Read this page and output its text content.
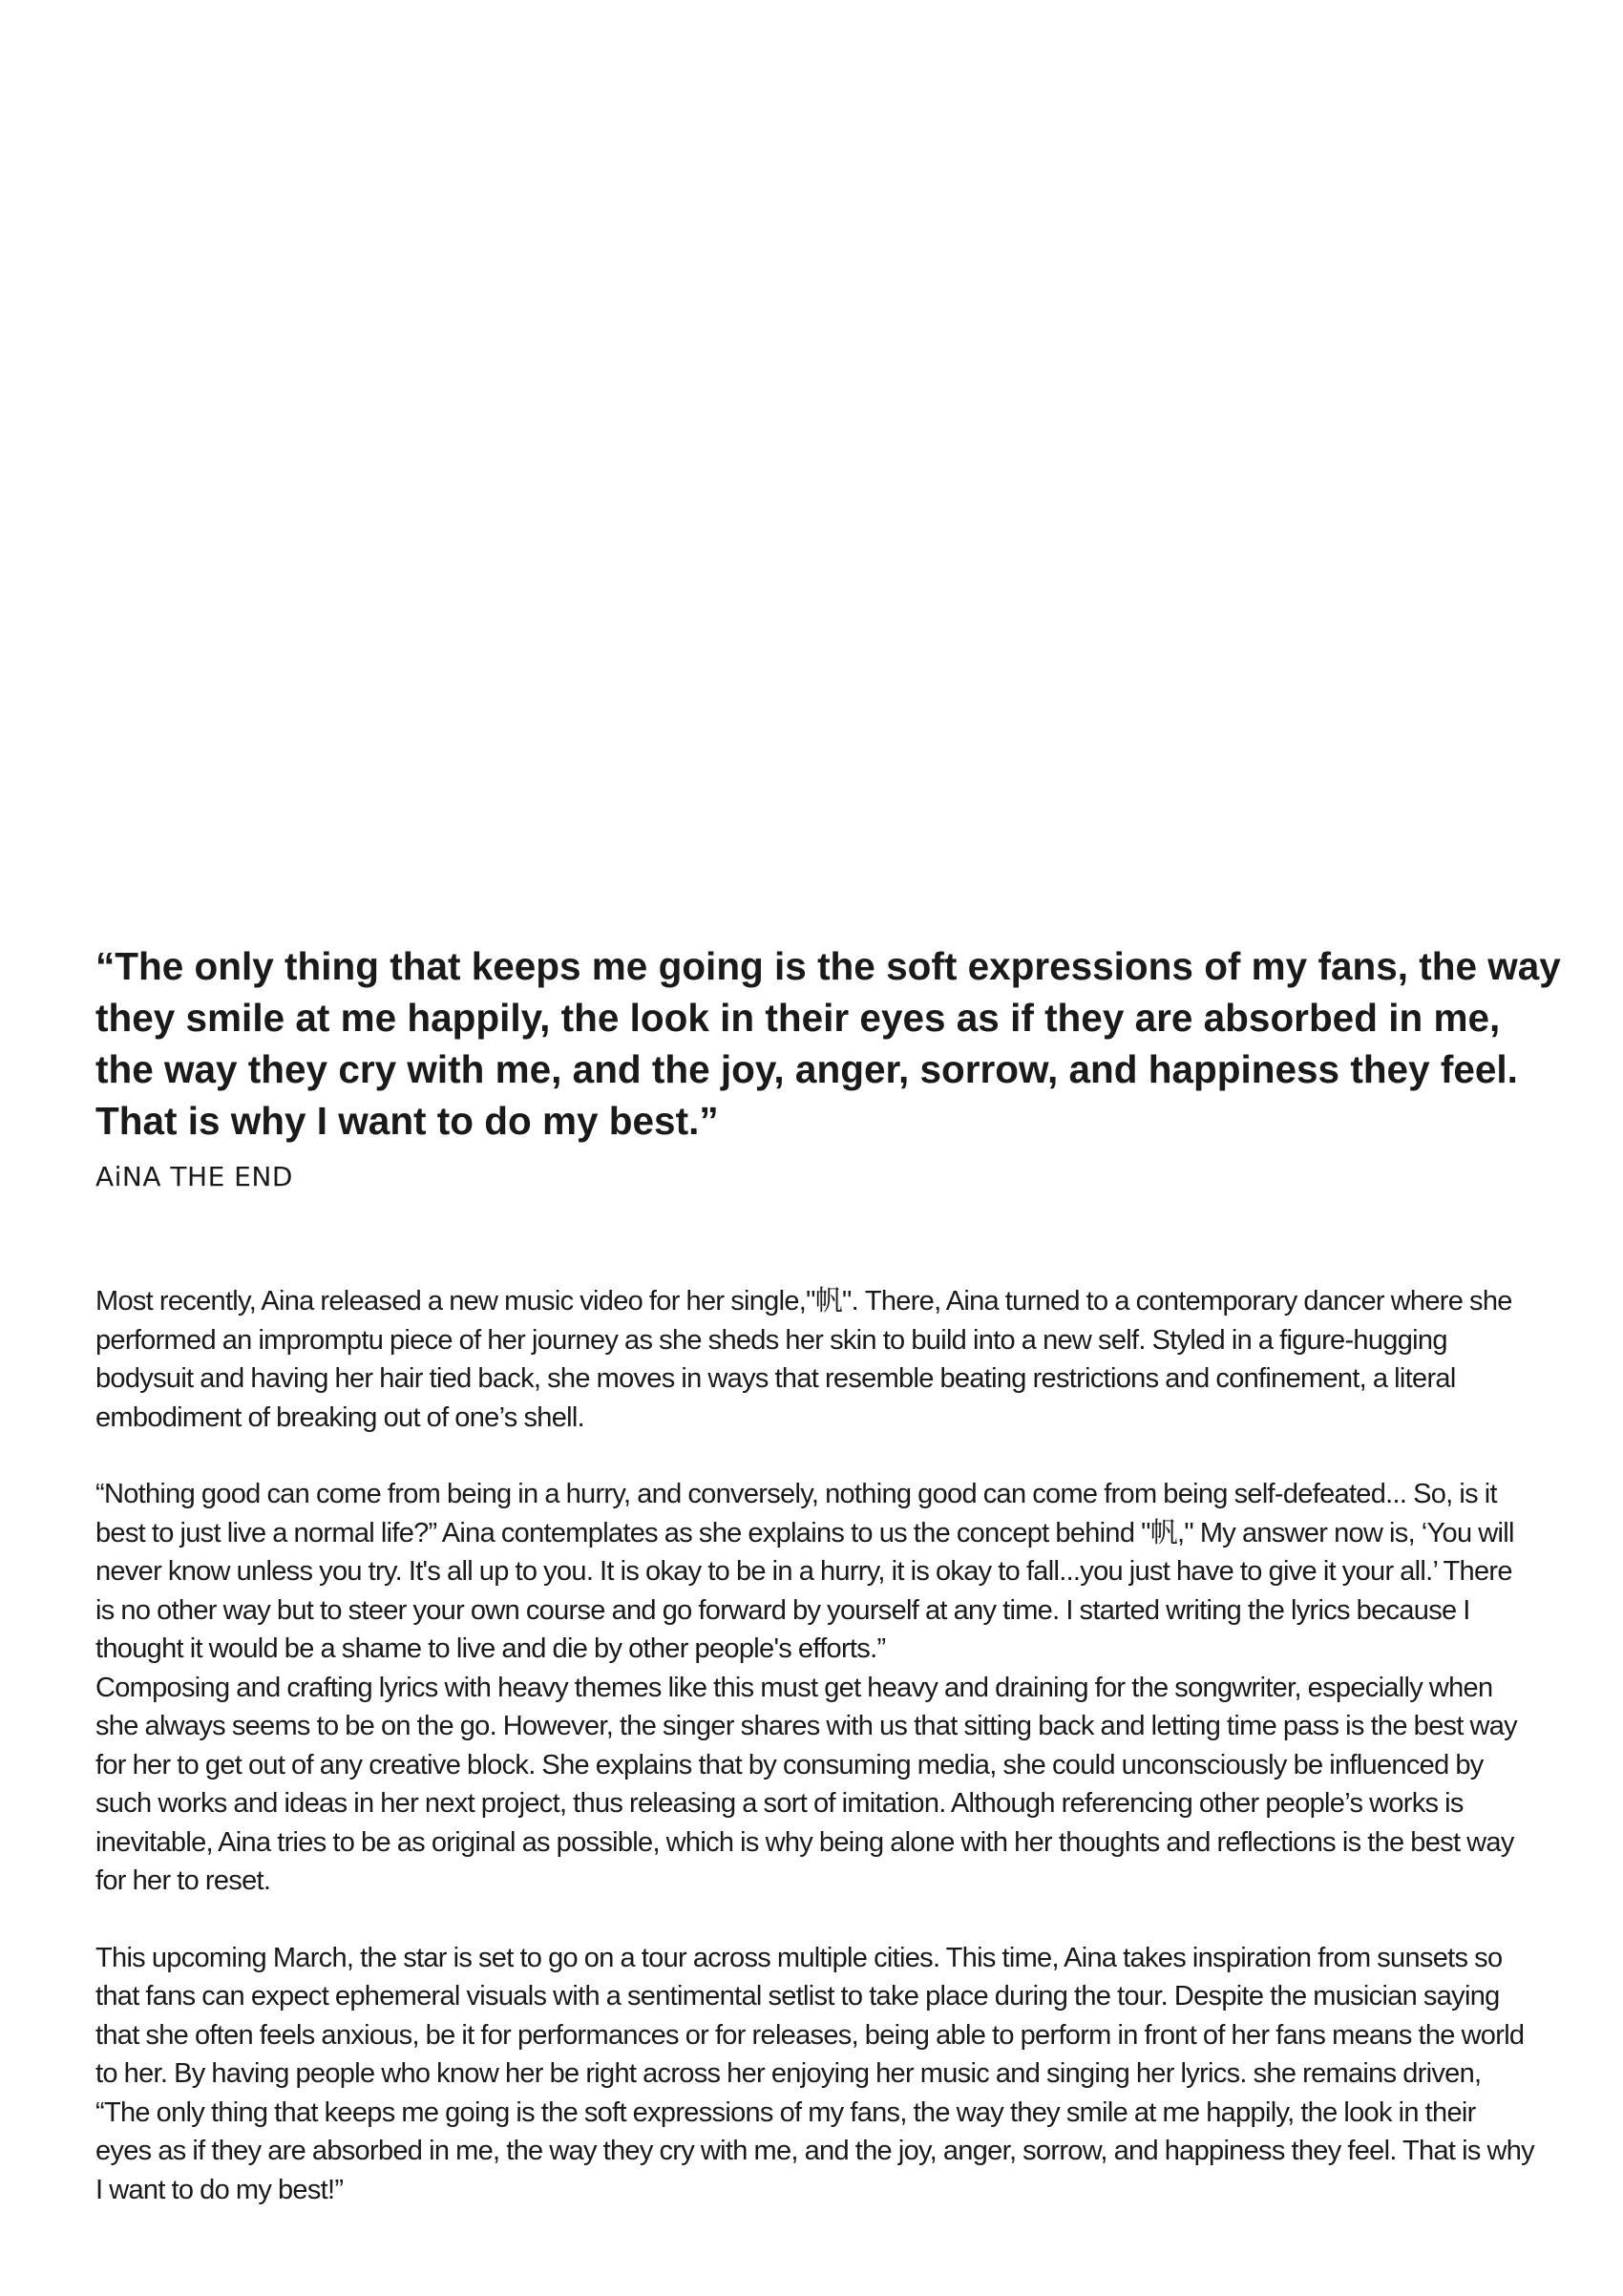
“The only thing that keeps me going is the soft expressions of my fans, the way they smile at me happily, the look in their eyes as if they are absorbed in me, the way they cry with me, and the joy, anger, sorrow, and happiness they feel. That is why I want to do my best.”

AiNA THE END

Most recently, Aina released a new music video for her single,"帆". There, Aina turned to a contemporary dancer where she performed an impromptu piece of her journey as she sheds her skin to build into a new self. Styled in a figure-hugging bodysuit and having her hair tied back, she moves in ways that resemble beating restrictions and confinement, a literal embodiment of breaking out of one’s shell.

“Nothing good can come from being in a hurry, and conversely, nothing good can come from being self-defeated... So, is it best to just live a normal life?” Aina contemplates as she explains to us the concept behind "帆," My answer now is, ‘You will never know unless you try. It's all up to you. It is okay to be in a hurry, it is okay to fall...you just have to give it your all.’ There is no other way but to steer your own course and go forward by yourself at any time. I started writing the lyrics because I thought it would be a shame to live and die by other people's efforts.”

Composing and crafting lyrics with heavy themes like this must get heavy and draining for the songwriter, especially when she always seems to be on the go. However, the singer shares with us that sitting back and letting time pass is the best way for her to get out of any creative block. She explains that by consuming media, she could unconsciously be influenced by such works and ideas in her next project, thus releasing a sort of imitation. Although referencing other people’s works is inevitable, Aina tries to be as original as possible, which is why being alone with her thoughts and reflections is the best way for her to reset.

This upcoming March, the star is set to go on a tour across multiple cities. This time, Aina takes inspiration from sunsets so that fans can expect ephemeral visuals with a sentimental setlist to take place during the tour. Despite the musician saying that she often feels anxious, be it for performances or for releases, being able to perform in front of her fans means the world to her. By having people who know her be right across her enjoying her music and singing her lyrics. she remains driven, “The only thing that keeps me going is the soft expressions of my fans, the way they smile at me happily, the look in their eyes as if they are absorbed in me, the way they cry with me, and the joy, anger, sorrow, and happiness they feel. That is why I want to do my best!”
